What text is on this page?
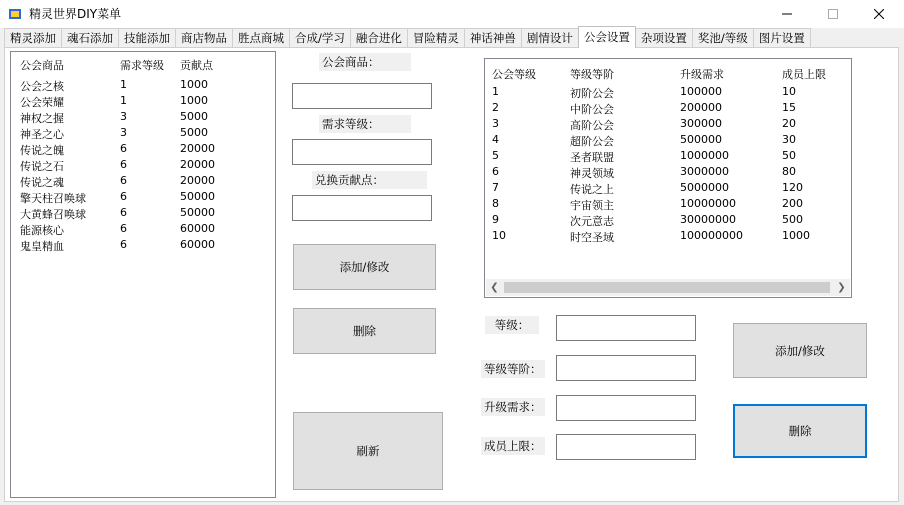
精灵世界DIY菜单
精灵添加 魂石添加 技能添加 商店物品 胜点商城 合成/学习 融合进化 冒险精灵 神话神兽 剧情设计 公会设置 杂项设置 奖池/等级 图片设置
公会商品	需求等级 贡献点
公会之核	1	1000
公会荣耀	1	1000
神权之握	3	5000
神圣之心	3	5000
传说之魄	6	20000
传说之石	6	20000
传说之魂	6	20000
擎天柱召唤球	6	50000
大黄蜂召唤球	6	50000
能源核心	6	60000
鬼皇精血	6	60000
公会商品：
需求等级：
兑换贡献点：
添加/修改
删除
刷新
公会等级	等级等阶	升级需求	成员上限
1	初阶公会	100000	10
2	中阶公会	200000	15
3	高阶公会	300000	20
4	超阶公会	500000	30
5	圣者联盟	1000000	50
6	神灵领域	3000000	80
7	传说之上	5000000	120
8	宇宙领主	10000000	200
9	次元意志	30000000	500
10	时空圣域	100000000	1000
❮	❯
等级：
等级等阶：
升级需求：
成员上限：
添加/修改
删除
